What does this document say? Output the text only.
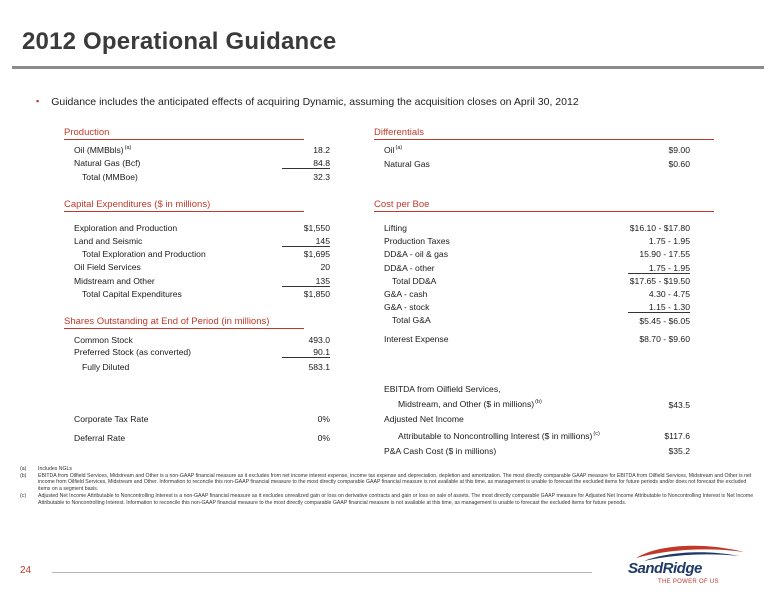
2012 Operational Guidance
▪ Guidance includes the anticipated effects of acquiring Dynamic, assuming the acquisition closes on April 30, 2012
Production
Oil (MMBbls)$^{(a)}$	18.2
Natural Gas (Bcf)	84.8
Total (MMBoe)	32.3
Capital Expenditures ($ in millions)
Exploration and Production	$1,550
Land and Seismic	145
Total Exploration and Production	$1,695
Oil Field Services	20
Midstream and Other	135
Total Capital Expenditures	$1,850
Shares Outstanding at End of Period (in millions)
Common Stock	493.0
Preferred Stock (as converted)	90.1
Fully Diluted	583.1
Corporate Tax Rate	0%
Deferral Rate	0%
Differentials
Oil$^{(a)}$	$9.00
Natural Gas	$0.60
Cost per Boe
Lifting	$16.10 - $17.80
Production Taxes	1.75 - 1.95
DD&A - oil & gas	15.90 - 17.55
DD&A - other	1.75 - 1.95
Total DD&A	$17.65 - $19.50
G&A - cash	4.30 - 4.75
G&A - stock	1.15 - 1.30
Total G&A	$5.45 - $6.05
Interest Expense	$8.70 - $9.60
EBITDA from Oilfield Services,
Midstream, and Other ($ in millions)$^{(b)}$	$43.5
Adjusted Net Income
Attributable to Noncontrolling Interest ($ in millions)$^{(c)}$	$117.6
P&A Cash Cost ($ in millions)	$35.2
(a) Includes NGLs
(b) EBITDA from Oilfield Services, Midstream and Other is a non-GAAP financial measure as it excludes from net income interest expense, income tax expense and depreciation, depletion and amortization. The most directly comparable GAAP measure for EBITDA from Oilfield Services, Midstream and Other is net income from Oilfield Services, Midstream and Other. Information to reconcile this non-GAAP financial measure to the most directly comparable GAAP financial measure is not available at this time, as management is unable to forecast the excluded items for future periods and/or does not forecast the excluded items on a segment basis.
(c) Adjusted Net Income Attributable to Noncontrolling Interest is a non-GAAP financial measure as it excludes unrealized gain or loss on derivative contracts and gain or loss on sale of assets. The most directly comparable GAAP measure for Adjusted Net Income Attributable to Noncontrolling Interest is Net Income Attributable to Noncontrolling Interest. Information to reconcile this non-GAAP financial measure to the most directly comparable GAAP financial measure is not available at this time, as management is unable to forecast the excluded items for future periods.
24	SandRidge
THE POWER OF US
